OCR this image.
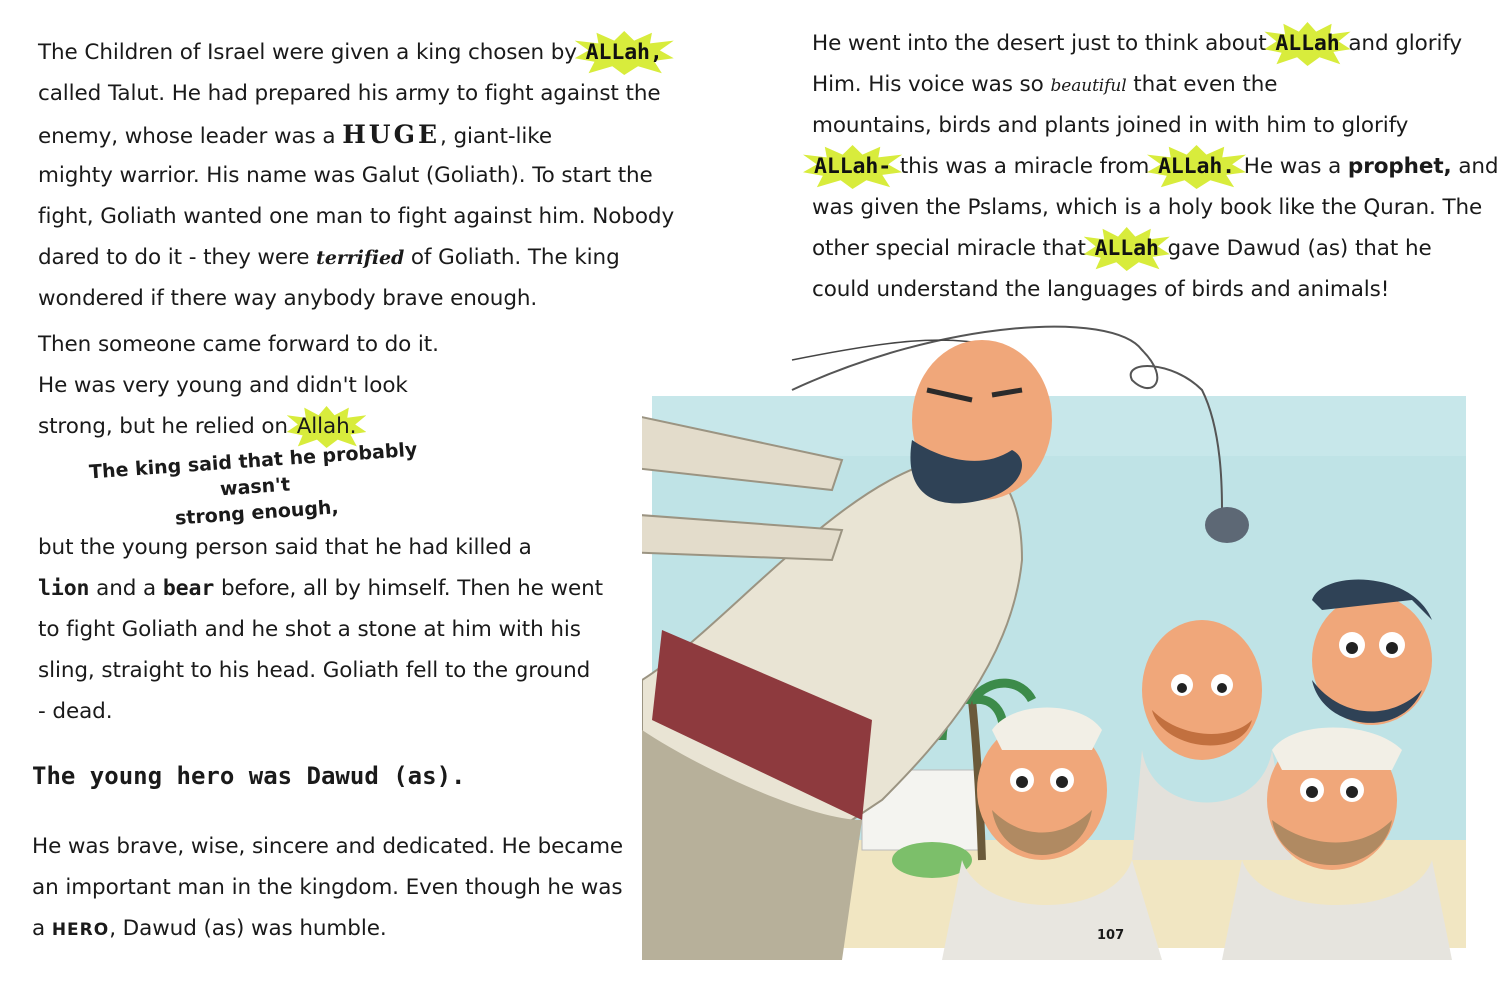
The Children of Israel were given a king chosen by ALLah,
called Talut. He had prepared his army to fight against the
enemy, whose leader was a HUGE, giant-like
mighty warrior. His name was Galut (Goliath). To start the
fight, Goliath wanted one man to fight against him. Nobody
dared to do it - they were terrified of Goliath. The king
wondered if there way anybody brave enough.
Then someone came forward to do it.
He was very young and didn't look
strong, but he relied on Allah.
The king said that he probably wasn't
strong enough,
but the young person said that he had killed a
lion and a bear before, all by himself. Then he went
to fight Goliath and he shot a stone at him with his
sling, straight to his head. Goliath fell to the ground
- dead.
The young hero was Dawud (as).
He was brave, wise, sincere and dedicated. He became
an important man in the kingdom. Even though he was
a HERO, Dawud (as) was humble.
He went into the desert just to think about ALLah and glorify
Him. His voice was so beautiful that even the
mountains, birds and plants joined in with him to glorify
ALLah- this was a miracle from ALLah. He was a prophet, and
was given the Pslams, which is a holy book like the Quran. The
other special miracle that ALLah gave Dawud (as) that he
could understand the languages of birds and animals!
107
